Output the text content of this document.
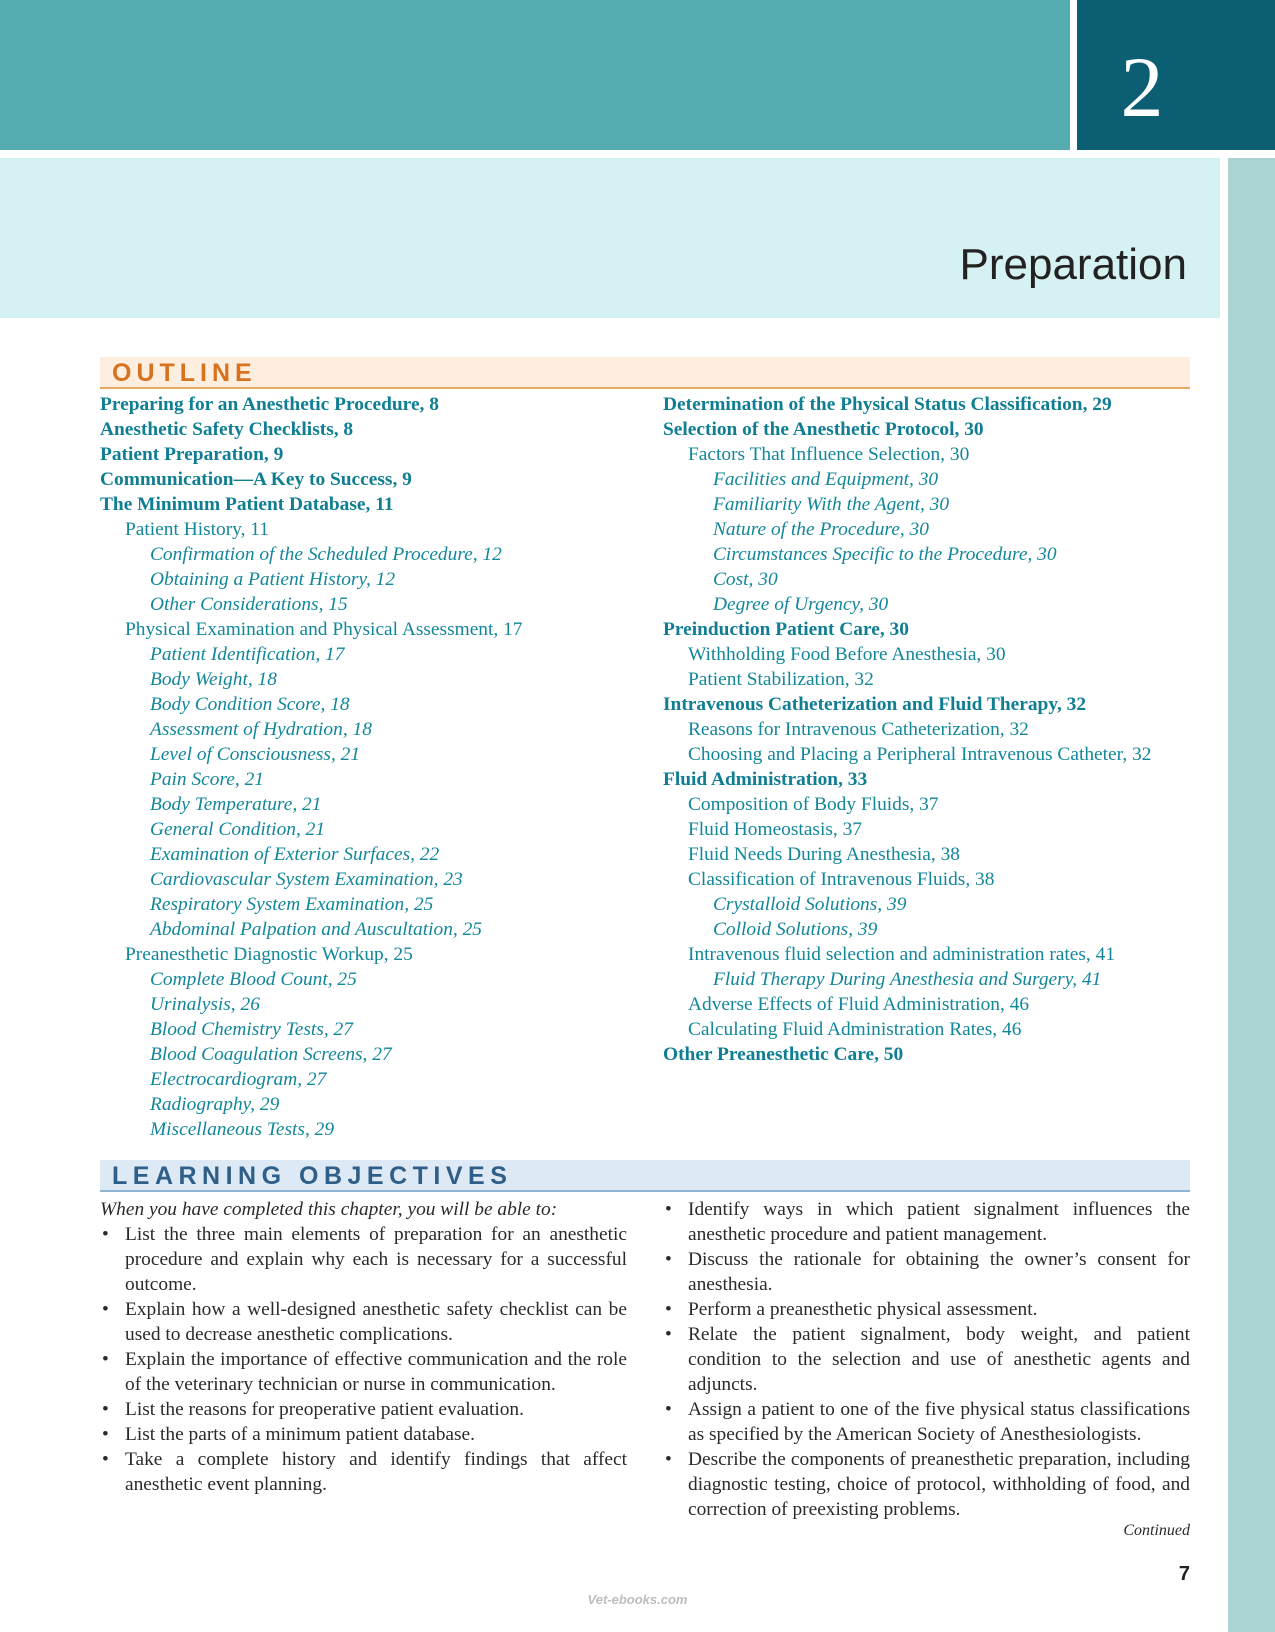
2
Preparation
OUTLINE
Preparing for an Anesthetic Procedure, 8
Anesthetic Safety Checklists, 8
Patient Preparation, 9
Communication—A Key to Success, 9
The Minimum Patient Database, 11
Patient History, 11
Confirmation of the Scheduled Procedure, 12
Obtaining a Patient History, 12
Other Considerations, 15
Physical Examination and Physical Assessment, 17
Patient Identification, 17
Body Weight, 18
Body Condition Score, 18
Assessment of Hydration, 18
Level of Consciousness, 21
Pain Score, 21
Body Temperature, 21
General Condition, 21
Examination of Exterior Surfaces, 22
Cardiovascular System Examination, 23
Respiratory System Examination, 25
Abdominal Palpation and Auscultation, 25
Preanesthetic Diagnostic Workup, 25
Complete Blood Count, 25
Urinalysis, 26
Blood Chemistry Tests, 27
Blood Coagulation Screens, 27
Electrocardiogram, 27
Radiography, 29
Miscellaneous Tests, 29
Determination of the Physical Status Classification, 29
Selection of the Anesthetic Protocol, 30
Factors That Influence Selection, 30
Facilities and Equipment, 30
Familiarity With the Agent, 30
Nature of the Procedure, 30
Circumstances Specific to the Procedure, 30
Cost, 30
Degree of Urgency, 30
Preinduction Patient Care, 30
Withholding Food Before Anesthesia, 30
Patient Stabilization, 32
Intravenous Catheterization and Fluid Therapy, 32
Reasons for Intravenous Catheterization, 32
Choosing and Placing a Peripheral Intravenous Catheter, 32
Fluid Administration, 33
Composition of Body Fluids, 37
Fluid Homeostasis, 37
Fluid Needs During Anesthesia, 38
Classification of Intravenous Fluids, 38
Crystalloid Solutions, 39
Colloid Solutions, 39
Intravenous fluid selection and administration rates, 41
Fluid Therapy During Anesthesia and Surgery, 41
Adverse Effects of Fluid Administration, 46
Calculating Fluid Administration Rates, 46
Other Preanesthetic Care, 50
LEARNING OBJECTIVES
When you have completed this chapter, you will be able to:
• List the three main elements of preparation for an anesthetic procedure and explain why each is necessary for a successful outcome.
• Explain how a well-designed anesthetic safety checklist can be used to decrease anesthetic complications.
• Explain the importance of effective communication and the role of the veterinary technician or nurse in communication.
• List the reasons for preoperative patient evaluation.
• List the parts of a minimum patient database.
• Take a complete history and identify findings that affect anesthetic event planning.
• Identify ways in which patient signalment influences the anesthetic procedure and patient management.
• Discuss the rationale for obtaining the owner’s consent for anesthesia.
• Perform a preanesthetic physical assessment.
• Relate the patient signalment, body weight, and patient condition to the selection and use of anesthetic agents and adjuncts.
• Assign a patient to one of the five physical status classifications as specified by the American Society of Anesthesiologists.
• Describe the components of preanesthetic preparation, including diagnostic testing, choice of protocol, withholding of food, and correction of preexisting problems.
Continued
7
Vet-ebooks.com
